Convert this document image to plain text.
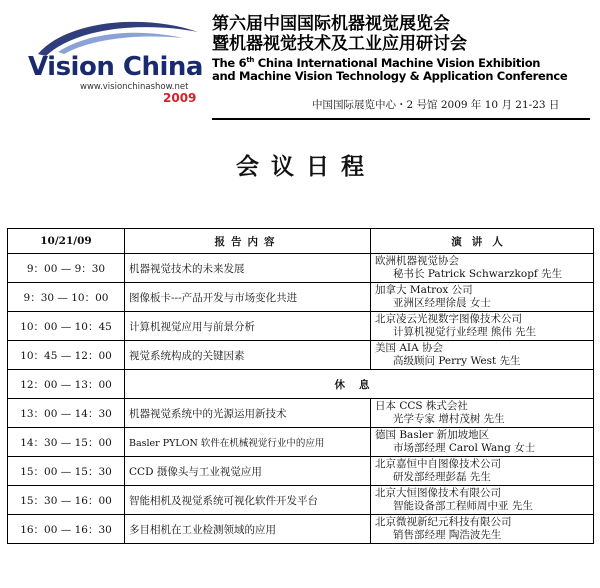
Vision China
www.visionchinashow.net
2009
第六届中国国际机器视觉展览会
暨机器视觉技术及工业应用研讨会
The 6th China International Machine Vision Exhibition
and Machine Vision Technology & Application Conference
中国国际展览中心・2 号馆 2009 年 10 月 21-23 日
会议日程
10/21/09	报告内容	演讲人
9：00 — 9：30	机器视觉技术的未来发展	欧洲机器视觉协会
秘书长 Patrick Schwarzkopf 先生

9：30 — 10：00	图像板卡---产品开发与市场变化共进	加拿大 Matrox 公司
亚洲区经理徐晨 女士

10：00 — 10：45	计算机视觉应用与前景分析	北京凌云光视数字图像技术公司
计算机视觉行业经理 熊伟 先生

10：45 — 12：00	视觉系统构成的关键因素	美国 AIA 协会
高级顾问 Perry West 先生

12：00 — 13：00	休息	
13：00 — 14：30	机器视觉系统中的光源运用新技术	日本 CCS 株式会社
光学专家 增村茂树 先生

14：30 — 15：00	Basler PYLON 软件在机械视觉行业中的应用	德国 Basler 新加坡地区
市场部经理 Carol Wang 女士

15：00 — 15：30	CCD 摄像头与工业视觉应用	北京嘉恒中自图像技术公司
研发部经理彭磊 先生

15：30 — 16：00	智能相机及视觉系统可视化软件开发平台	北京大恒图像技术有限公司
智能设备部工程师周中亚 先生

16：00 — 16：30	多目相机在工业检测领域的应用	北京微视新纪元科技有限公司
销售部经理 陶浩波先生
